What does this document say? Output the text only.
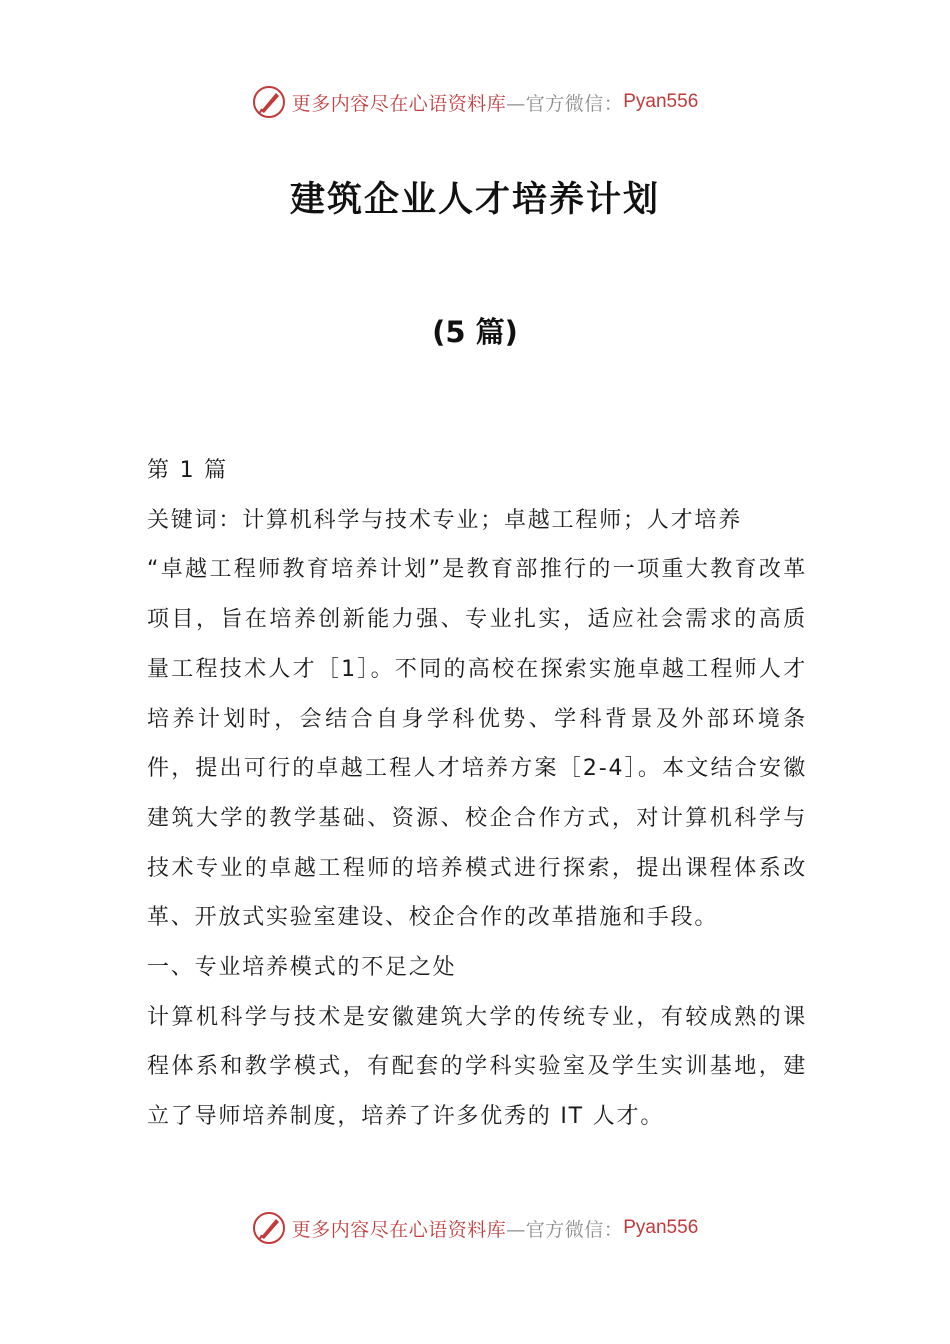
更多内容尽在心语资料库 —官方微信： Pyan556
建筑企业人才培养计划
(5 篇)

第 1 篇

关键词：计算机科学与技术专业；卓越工程师；人才培养

“卓越工程师教育培养计划”是教育部推行的一项重大教育改革项目，旨在培养创新能力强、专业扎实，适应社会需求的高质量工程技术人才［1］。不同的高校在探索实施卓越工程师人才培养计划时，会结合自身学科优势、学科背景及外部环境条件，提出可行的卓越工程人才培养方案［2-4］。本文结合安徽建筑大学的教学基础、资源、校企合作方式，对计算机科学与技术专业的卓越工程师的培养模式进行探索，提出课程体系改革、开放式实验室建设、校企合作的改革措施和手段。

一、专业培养模式的不足之处

计算机科学与技术是安徽建筑大学的传统专业，有较成熟的课程体系和教学模式，有配套的学科实验室及学生实训基地，建立了导师培养制度，培养了许多优秀的 IT 人才。

更多内容尽在心语资料库 —官方微信： Pyan556
